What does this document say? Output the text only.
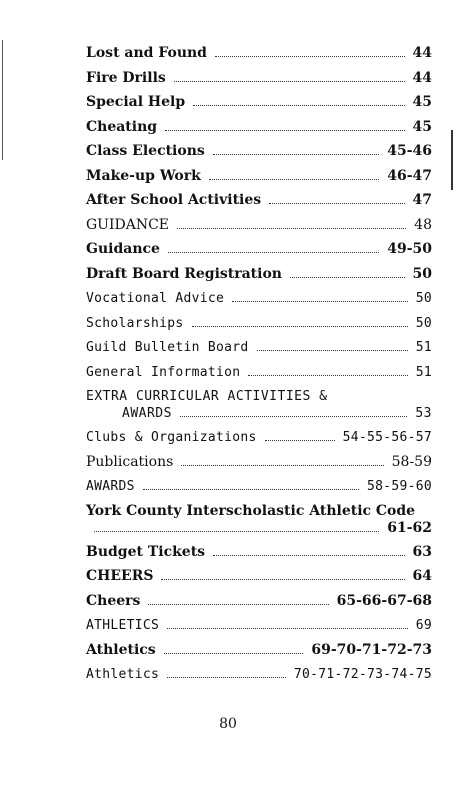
Lost and Found	44
Fire Drills	44
Special Help	45
Cheating	45
Class Elections	45-46
Make-up Work	46-47
After School Activities	47
GUIDANCE	48
Guidance	49-50
Draft Board Registration	50
Vocational Advice	50
Scholarships	50
Guild Bulletin Board	51
General Information	51
EXTRA CURRICULAR ACTIVITIES &
AWARDS	53
Clubs & Organizations	54-55-56-57
Publications	58-59
AWARDS	58-59-60
York County Interscholastic Athletic Code
61-62
Budget Tickets	63
CHEERS	64
Cheers	65-66-67-68
ATHLETICS	69
Athletics	69-70-71-72-73
Athletics	70-71-72-73-74-75
80
